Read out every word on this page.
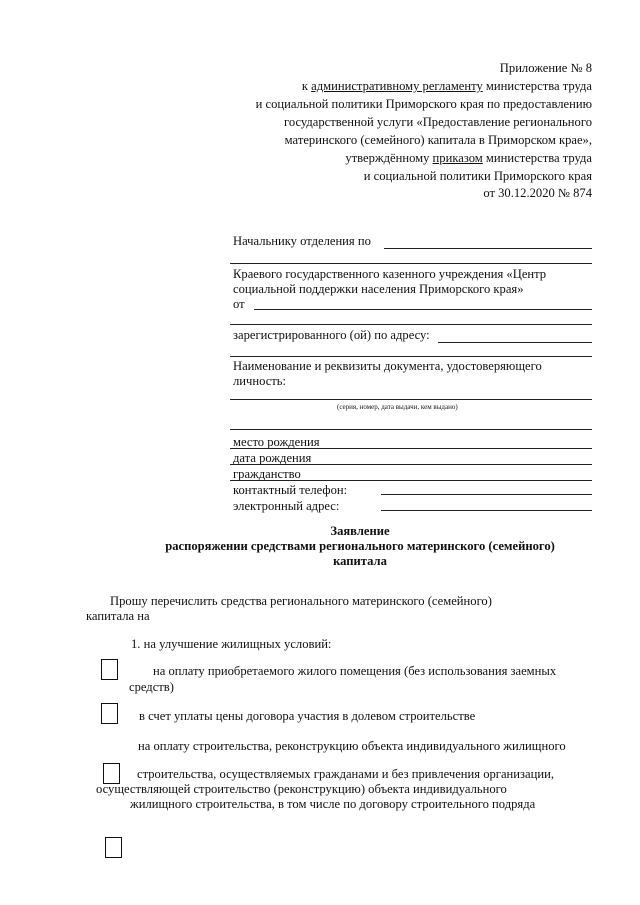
Приложение № 8
к административному регламенту министерства труда
и социальной политики Приморского края по предоставлению
государственной услуги «Предоставление регионального
материнского (семейного) капитала в Приморском крае»,
утверждённому приказом министерства труда
и социальной политики Приморского края
от 30.12.2020 № 874
Начальнику отделения по
Краевого государственного казенного учреждения «Центр
социальной поддержки населения Приморского края»
от
зарегистрированного (ой) по адресу:
Наименование и реквизиты документа, удостоверяющего
личность:
(серия, номер, дата выдачи, кем выдано)
место рождения
дата рождения
гражданство
контактный телефон:
электронный адрес:
Заявление
распоряжении средствами регионального материнского (семейного)
капитала
Прошу перечислить средства регионального материнского (семейного)
капитала на
1. на улучшение жилищных условий:
на оплату приобретаемого жилого помещения (без использования заемных
средств)
в счет уплаты цены договора участия в долевом строительстве
на оплату строительства, реконструкцию объекта индивидуального жилищного
строительства, осуществляемых гражданами и без привлечения организации,
осуществляющей строительство (реконструкцию) объекта индивидуального
жилищного строительства, в том числе по договору строительного подряда
